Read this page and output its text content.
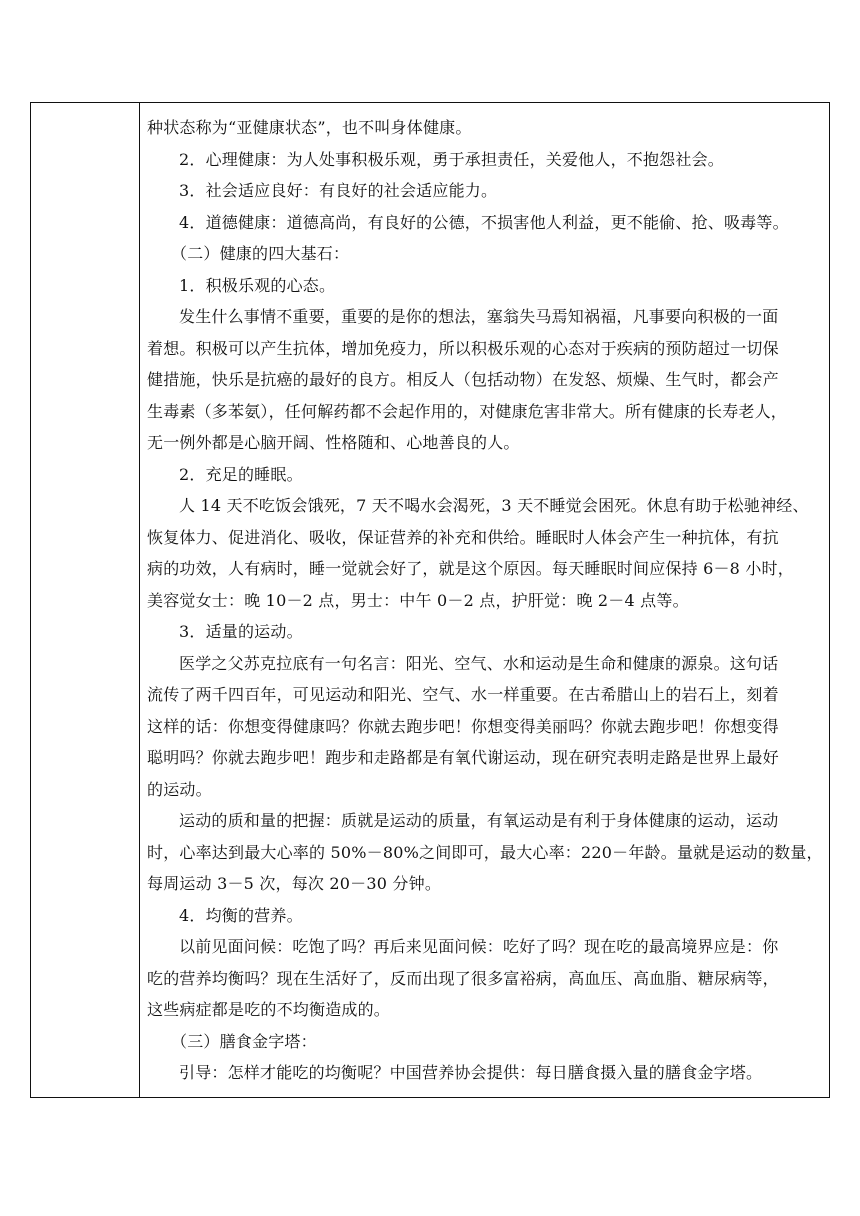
种状态称为“亚健康状态”，也不叫身体健康。
2．心理健康：为人处事积极乐观，勇于承担责任，关爱他人，不抱怨社会。
3．社会适应良好：有良好的社会适应能力。
4．道德健康：道德高尚，有良好的公德，不损害他人利益，更不能偷、抢、吸毒等。
（二）健康的四大基石：
1．积极乐观的心态。
发生什么事情不重要，重要的是你的想法，塞翁失马焉知祸福，凡事要向积极的一面
着想。积极可以产生抗体，增加免疫力，所以积极乐观的心态对于疾病的预防超过一切保
健措施，快乐是抗癌的最好的良方。相反人（包括动物）在发怒、烦燥、生气时，都会产
生毒素（多苯氨），任何解药都不会起作用的，对健康危害非常大。所有健康的长寿老人，
无一例外都是心脑开阔、性格随和、心地善良的人。
2．充足的睡眠。
人 14 天不吃饭会饿死，7 天不喝水会渴死，3 天不睡觉会困死。休息有助于松驰神经、
恢复体力、促进消化、吸收，保证营养的补充和供给。睡眠时人体会产生一种抗体，有抗
病的功效，人有病时，睡一觉就会好了，就是这个原因。每天睡眠时间应保持 6－8 小时，
美容觉女士：晚 10－2 点，男士：中午 0－2 点，护肝觉：晚 2－4 点等。
3．适量的运动。
医学之父苏克拉底有一句名言：阳光、空气、水和运动是生命和健康的源泉。这句话
流传了两千四百年，可见运动和阳光、空气、水一样重要。在古希腊山上的岩石上，刻着
这样的话：你想变得健康吗？你就去跑步吧！你想变得美丽吗？你就去跑步吧！你想变得
聪明吗？你就去跑步吧！跑步和走路都是有氧代谢运动，现在研究表明走路是世界上最好
的运动。
运动的质和量的把握：质就是运动的质量，有氧运动是有利于身体健康的运动，运动
时，心率达到最大心率的 50%－80%之间即可，最大心率：220－年龄。量就是运动的数量，
每周运动 3－5 次，每次 20－30 分钟。
4．均衡的营养。
以前见面问候：吃饱了吗？再后来见面问候：吃好了吗？现在吃的最高境界应是：你
吃的营养均衡吗？现在生活好了，反而出现了很多富裕病，高血压、高血脂、糖尿病等，
这些病症都是吃的不均衡造成的。
（三）膳食金字塔：
引导：怎样才能吃的均衡呢？中国营养协会提供：每日膳食摄入量的膳食金字塔。
